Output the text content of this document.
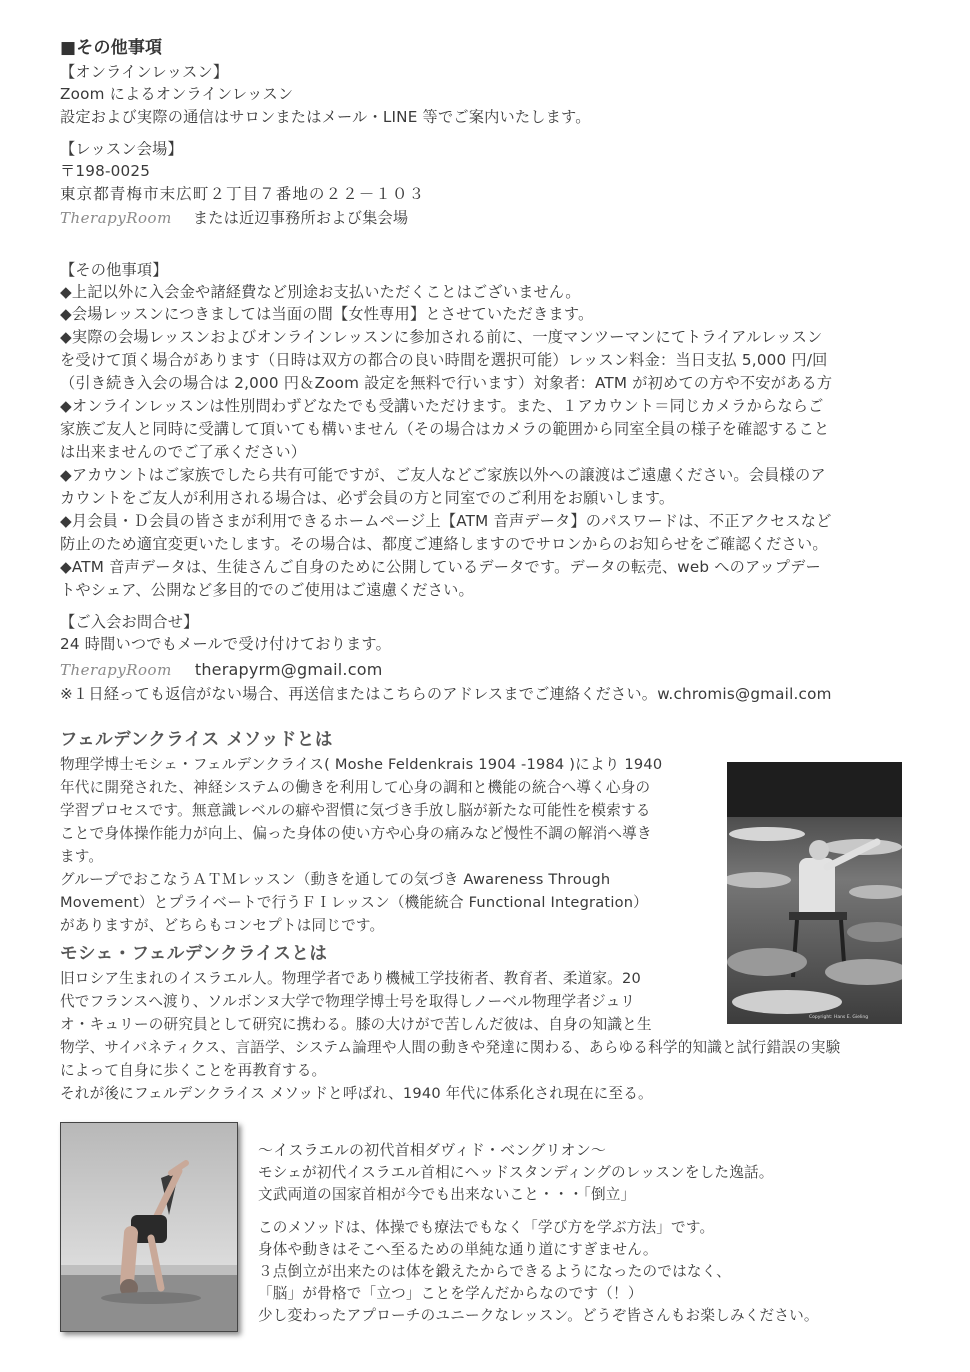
■その他事項
【オンラインレッスン】
Zoom によるオンラインレッスン
設定および実際の通信はサロンまたはメール・LINE 等でご案内いたします。
【レッスン会場】
〒198-0025
東京都青梅市末広町２丁目７番地の２２－１０３
TherapyRoom または近辺事務所および集会場
【その他事項】
◆上記以外に入会金や諸経費など別途お支払いただくことはございません。
◆会場レッスンにつきましては当面の間【女性専用】とさせていただきます。
◆実際の会場レッスンおよびオンラインレッスンに参加される前に、一度マンツーマンにてトライアルレッスン
を受けて頂く場合があります（日時は双方の都合の良い時間を選択可能）レッスン料金：当日支払 5,000 円/回
（引き続き入会の場合は 2,000 円＆Zoom 設定を無料で行います）対象者：ATM が初めての方や不安がある方
◆オンラインレッスンは性別問わずどなたでも受講いただけます。また、１アカウント＝同じカメラからならご
家族ご友人と同時に受講して頂いても構いません（その場合はカメラの範囲から同室全員の様子を確認すること
は出来ませんのでご了承ください）
◆アカウントはご家族でしたら共有可能ですが、ご友人などご家族以外への譲渡はご遠慮ください。会員様のア
カウントをご友人が利用される場合は、必ず会員の方と同室でのご利用をお願いします。
◆月会員・Ｄ会員の皆さまが利用できるホームページ上【ATM 音声データ】のパスワードは、不正アクセスなど
防止のため適宜変更いたします。その場合は、都度ご連絡しますのでサロンからのお知らせをご確認ください。
◆ATM 音声データは、生徒さんご自身のために公開しているデータです。データの転売、web へのアップデー
トやシェア、公開など多目的でのご使用はご遠慮ください。
【ご入会お問合せ】
24 時間いつでもメールで受け付けております。
TherapyRoom therapyrm@gmail.com
※１日経っても返信がない場合、再送信またはこちらのアドレスまでご連絡ください。w.chromis@gmail.com
フェルデンクライス メソッドとは
物理学博士モシェ・フェルデンクライス( Moshe Feldenkrais 1904 -1984 )により 1940
年代に開発された、神経システムの働きを利用して心身の調和と機能の統合へ導く心身の
学習プロセスです。無意識レベルの癖や習慣に気づき手放し脳が新たな可能性を模索する
ことで身体操作能力が向上、偏った身体の使い方や心身の痛みなど慢性不調の解消へ導き
ます。
グループでおこなうＡＴＭレッスン（動きを通しての気づき Awareness Through
Movement）とプライベートで行うＦＩレッスン（機能統合 Functional Integration）
がありますが、どちらもコンセプトは同じです。
Copyright: Hans E. Gieling
モシェ・フェルデンクライスとは
旧ロシア生まれのイスラエル人。物理学者であり機械工学技術者、教育者、柔道家。20
代でフランスへ渡り、ソルボンヌ大学で物理学博士号を取得しノーベル物理学者ジュリ
オ・キュリーの研究員として研究に携わる。膝の大けがで苦しんだ彼は、自身の知識と生
物学、サイバネティクス、言語学、システム論理や人間の動きや発達に関わる、あらゆる科学的知識と試行錯誤の実験
によって自身に歩くことを再教育する。
それが後にフェルデンクライス メソッドと呼ばれ、1940 年代に体系化され現在に至る。
～イスラエルの初代首相ダヴィド・ベングリオン～
モシェが初代イスラエル首相にヘッドスタンディングのレッスンをした逸話。
文武両道の国家首相が今でも出来ないこと・・・「倒立」
このメソッドは、体操でも療法でもなく「学び方を学ぶ方法」です。
身体や動きはそこへ至るための単純な通り道にすぎません。
３点倒立が出来たのは体を鍛えたからできるようになったのではなく、
「脳」が骨格で「立つ」ことを学んだからなのです（！）
少し変わったアプローチのユニークなレッスン。どうぞ皆さんもお楽しみください。
